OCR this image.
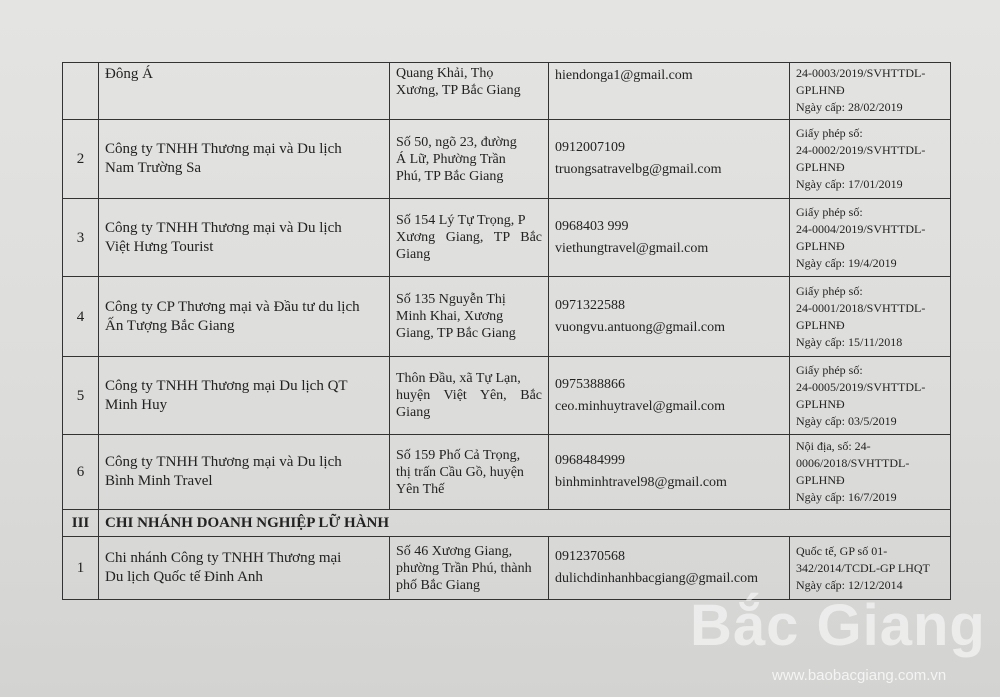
	Đông Á	Quang Khải, Thọ
Xương, TP Bắc Giang	hiendonga1@gmail.com	24-0003/2019/SVHTTDL-
GPLHNĐ
Ngày cấp: 28/02/2019

2	Công ty TNHH Thương mại và Du lịch
Nam Trường Sa	Số 50, ngõ 23, đường
Á Lữ, Phường Trần
Phú, TP Bắc Giang	0912007109
truongsatravelbg@gmail.com	Giấy phép số:
24-0002/2019/SVHTTDL-
GPLHNĐ
Ngày cấp: 17/01/2019

3	Công ty TNHH Thương mại và Du lịch
Việt Hưng Tourist	Số 154 Lý Tự Trọng, P
Xương Giang, TP Bắc Giang	0968403 999
viethungtravel@gmail.com	Giấy phép số:
24-0004/2019/SVHTTDL-
GPLHNĐ
Ngày cấp: 19/4/2019

4	Công ty CP Thương mại và Đầu tư du lịch
Ấn Tượng Bắc Giang	Số 135 Nguyễn Thị
Minh Khai, Xương
Giang, TP Bắc Giang	0971322588
vuongvu.antuong@gmail.com	Giấy phép số:
24-0001/2018/SVHTTDL-
GPLHNĐ
Ngày cấp: 15/11/2018

5	Công ty TNHH Thương mại Du lịch QT
Minh Huy	Thôn Đầu, xã Tự Lạn,
huyện Việt Yên, Bắc Giang	0975388866
ceo.minhuytravel@gmail.com	Giấy phép số:
24-0005/2019/SVHTTDL-
GPLHNĐ
Ngày cấp: 03/5/2019

6	Công ty TNHH Thương mại và Du lịch
Bình Minh Travel	Số 159 Phố Cả Trọng,
thị trấn Cầu Gồ, huyện
Yên Thế	0968484999
binhminhtravel98@gmail.com	Nội địa, số: 24-
0006/2018/SVHTTDL-
GPLHNĐ
Ngày cấp: 16/7/2019

III	CHI NHÁNH DOANH NGHIỆP LỮ HÀNH			
1	Chi nhánh Công ty TNHH Thương mại
Du lịch Quốc tế Đinh Anh	Số 46 Xương Giang,
phường Trần Phú, thành
phố Bắc Giang	0912370568
dulichdinhanhbacgiang@gmail.com	Quốc tế, GP số 01-
342/2014/TCDL-GP LHQT
Ngày cấp: 12/12/2014
Bắc Giang
www.baobacgiang.com.vn
